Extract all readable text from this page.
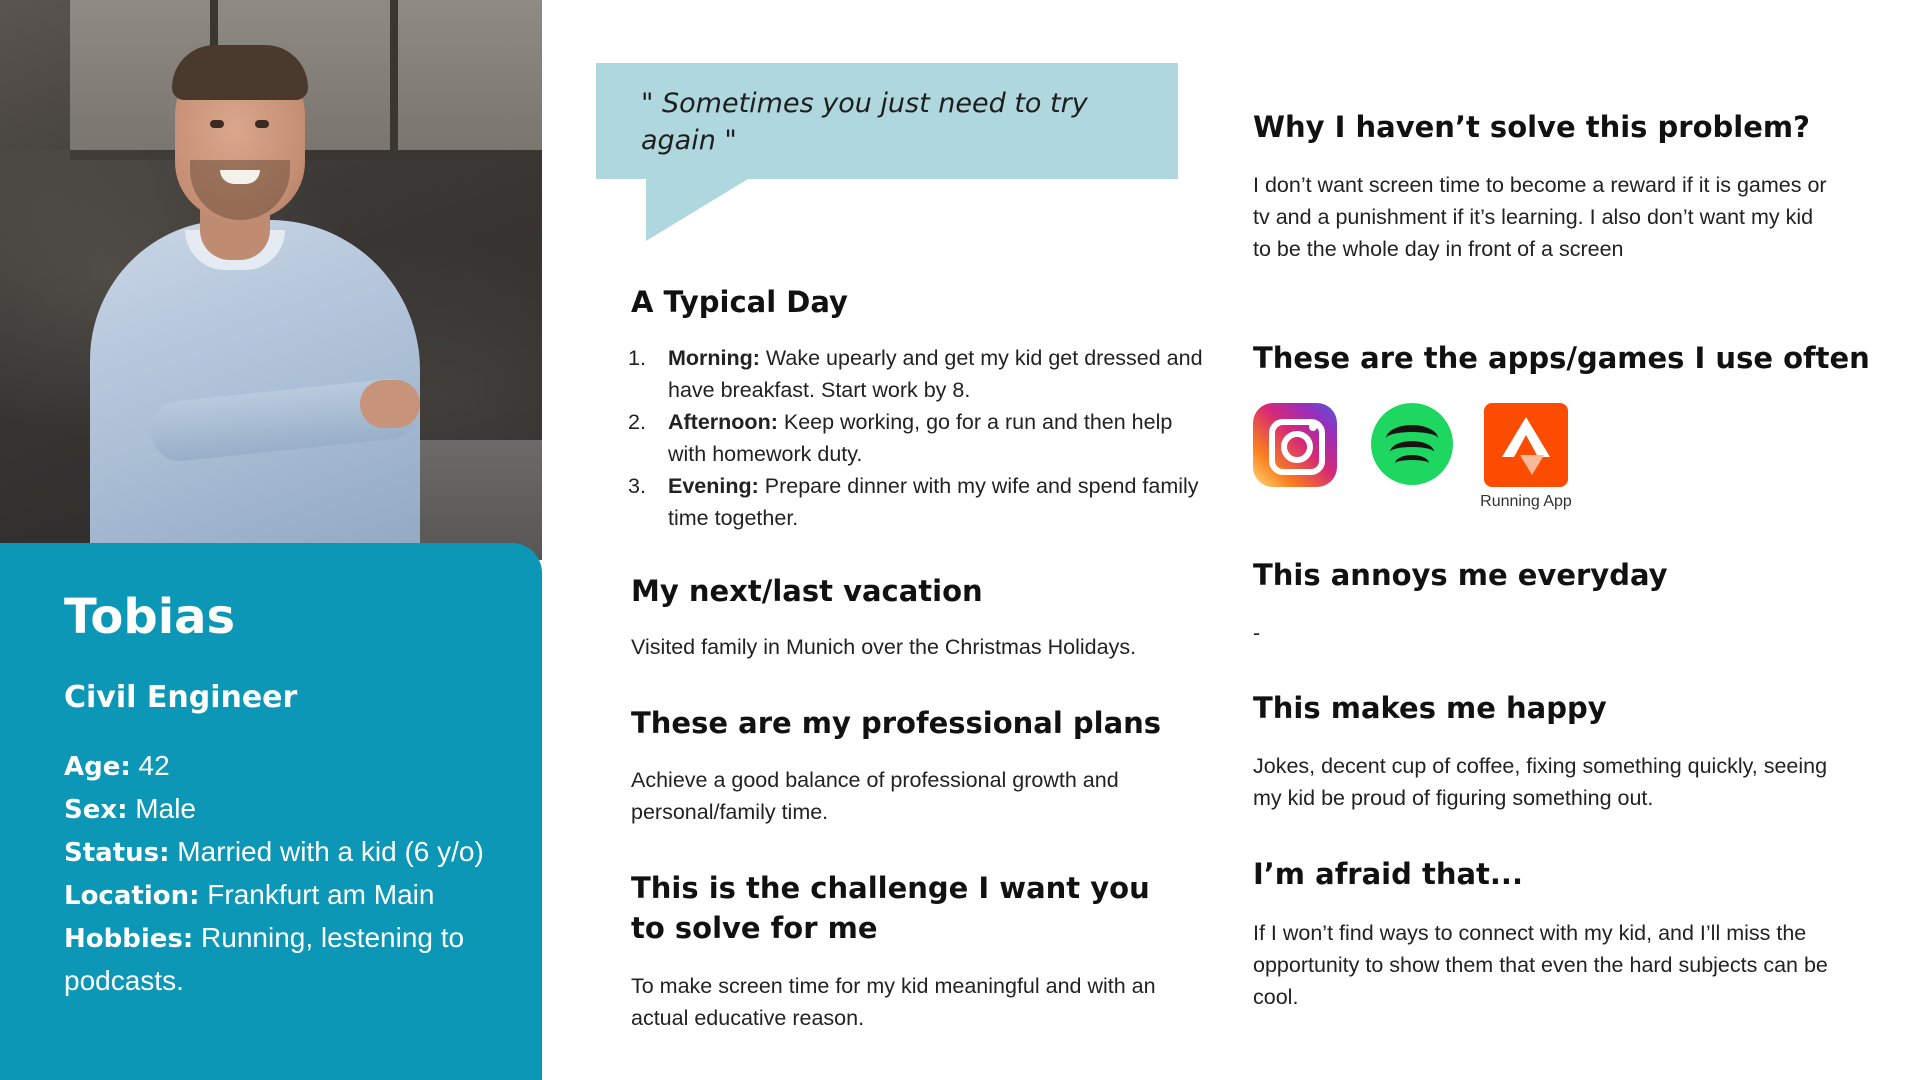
Tobias
Civil Engineer

Age: 42

Sex: Male

Status: Married with a kid (6 y/o)

Location: Frankfurt am Main

Hobbies: Running, lestening to podcasts.

" Sometimes you just need to try again "
A Typical Day
1. Morning: Wake upearly and get my kid get dressed and have breakfast. Start work by 8.
2. Afternoon: Keep working, go for a run and then help with homework duty.
3. Evening: Prepare dinner with my wife and spend family time together.
My next/last vacation

Visited family in Munich over the Christmas Holidays.

These are my professional plans

Achieve a good balance of professional growth and personal/family time.

This is the challenge I want you to solve for me

To make screen time for my kid meaningful and with an actual educative reason.

Why I haven’t solve this problem?

I don’t want screen time to become a reward if it is games or tv and a punishment if it’s learning. I also don’t want my kid to be the whole day in front of a screen

These are the apps/games I use often
Running App
This annoys me everyday

-

This makes me happy

Jokes, decent cup of coffee, fixing something quickly, seeing my kid be proud of figuring something out.

I’m afraid that...

If I won’t find ways to connect with my kid, and I’ll miss the opportunity to show them that even the hard subjects can be cool.
